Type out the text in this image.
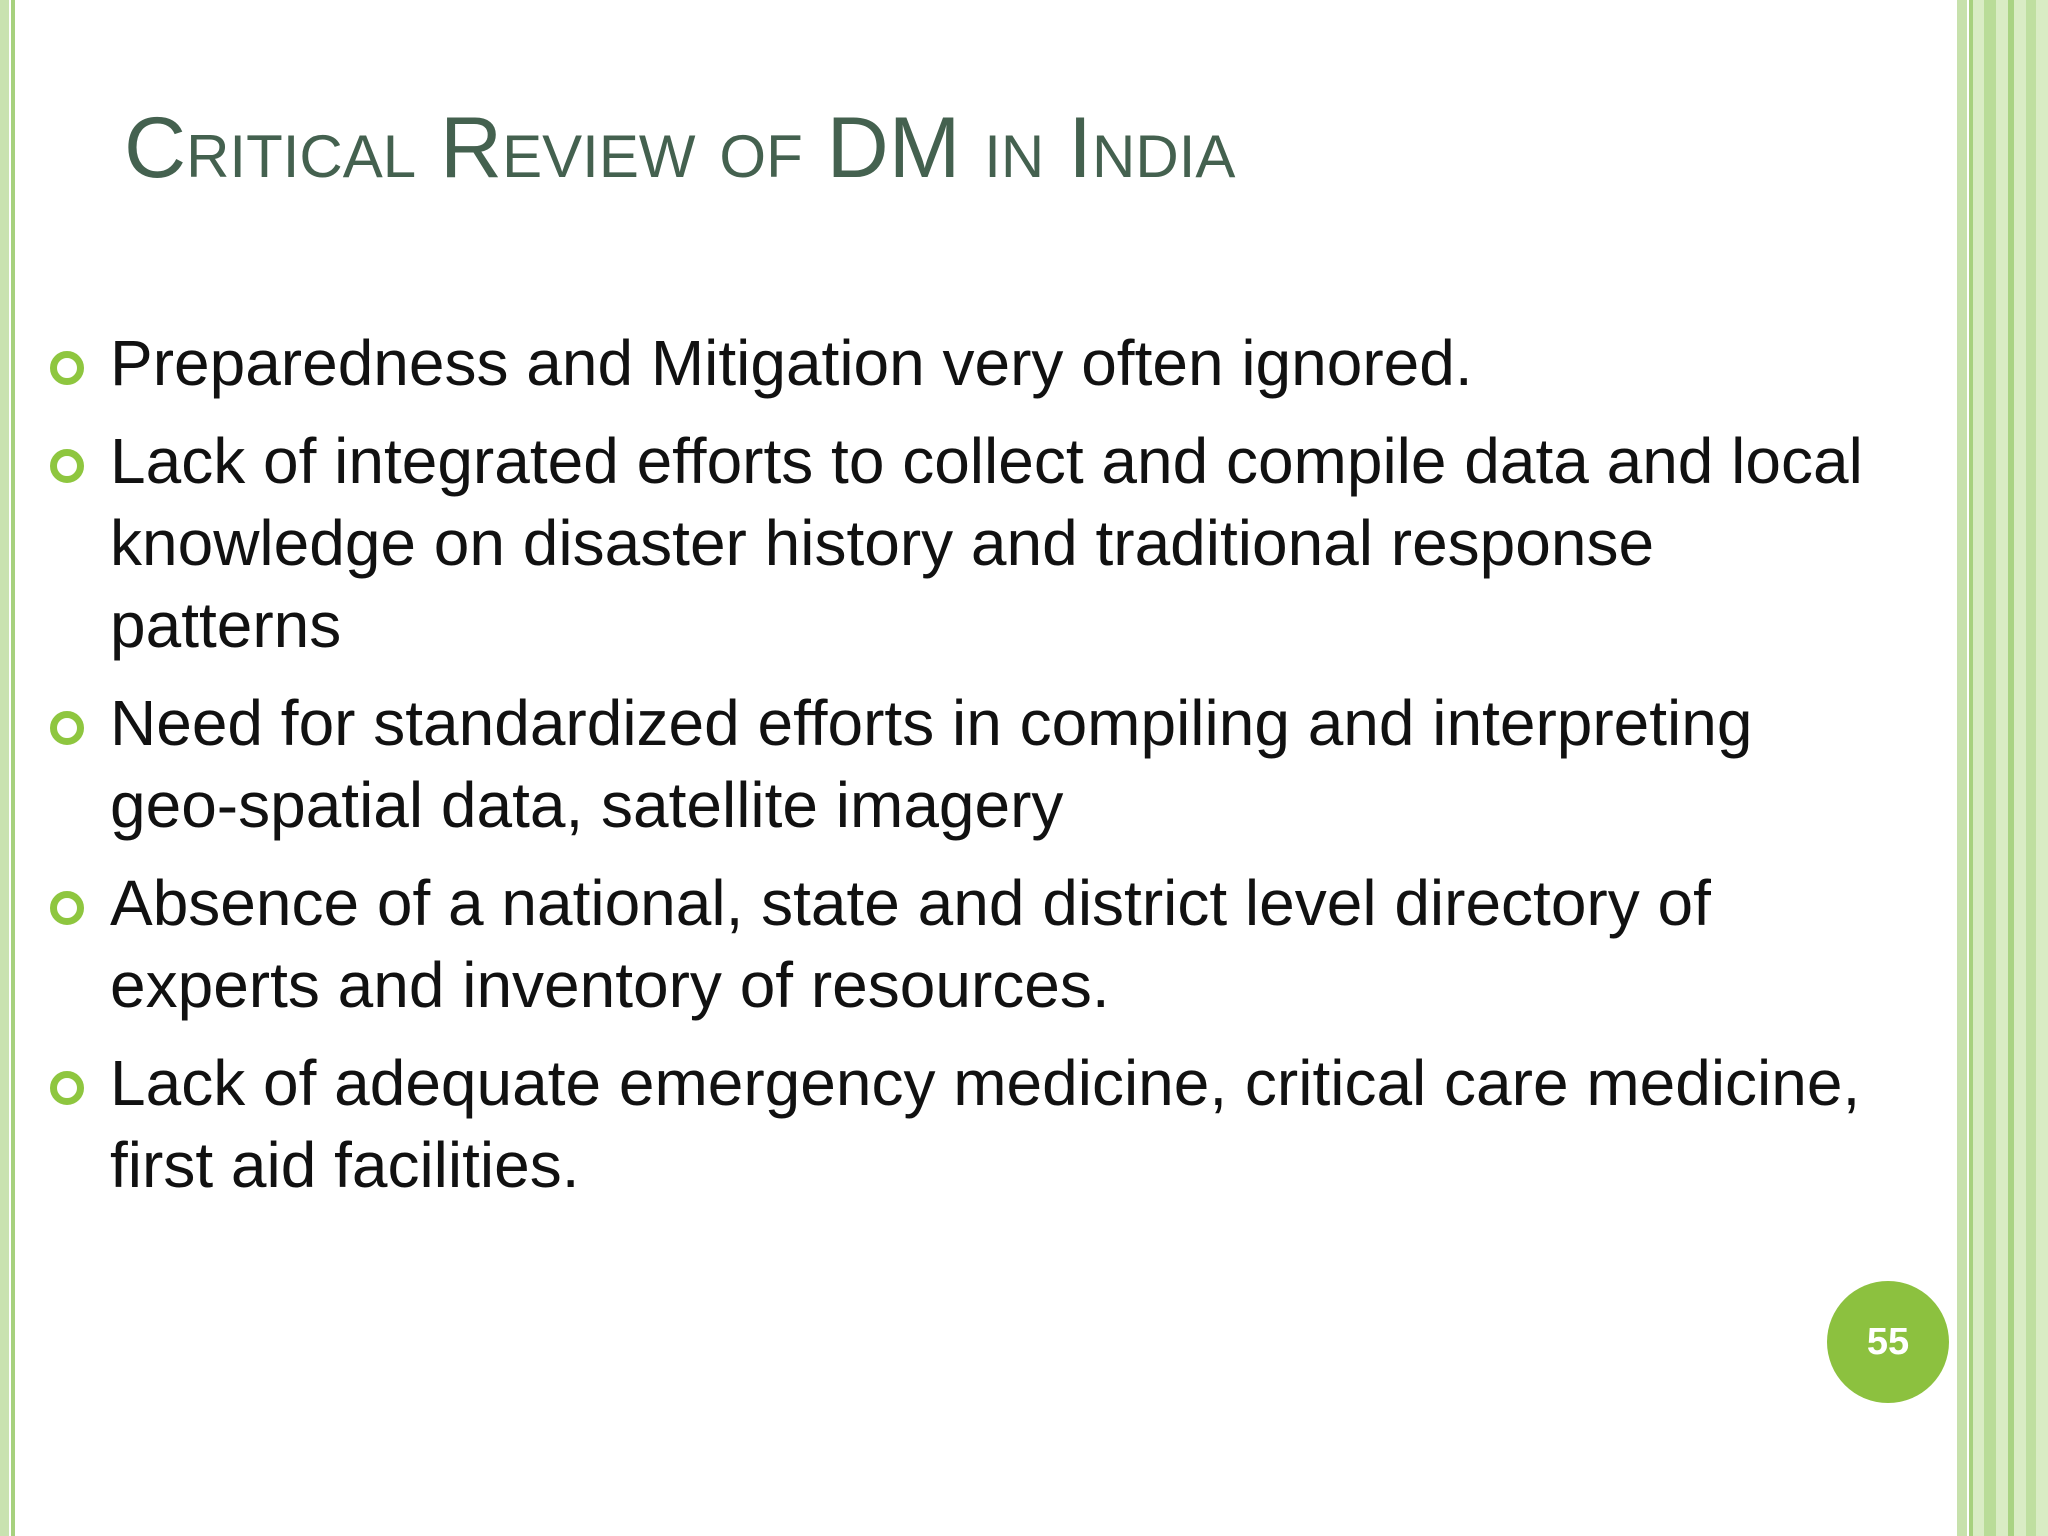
Critical Review of DM in India
Preparedness and Mitigation very often ignored.
Lack of integrated efforts to collect and compile data and local knowledge on disaster history and traditional response patterns
Need for standardized efforts in compiling and interpreting geo-spatial data, satellite imagery
Absence of a national, state and district level directory of experts and inventory of resources.
Lack of adequate emergency medicine, critical care medicine, first aid facilities.
55
